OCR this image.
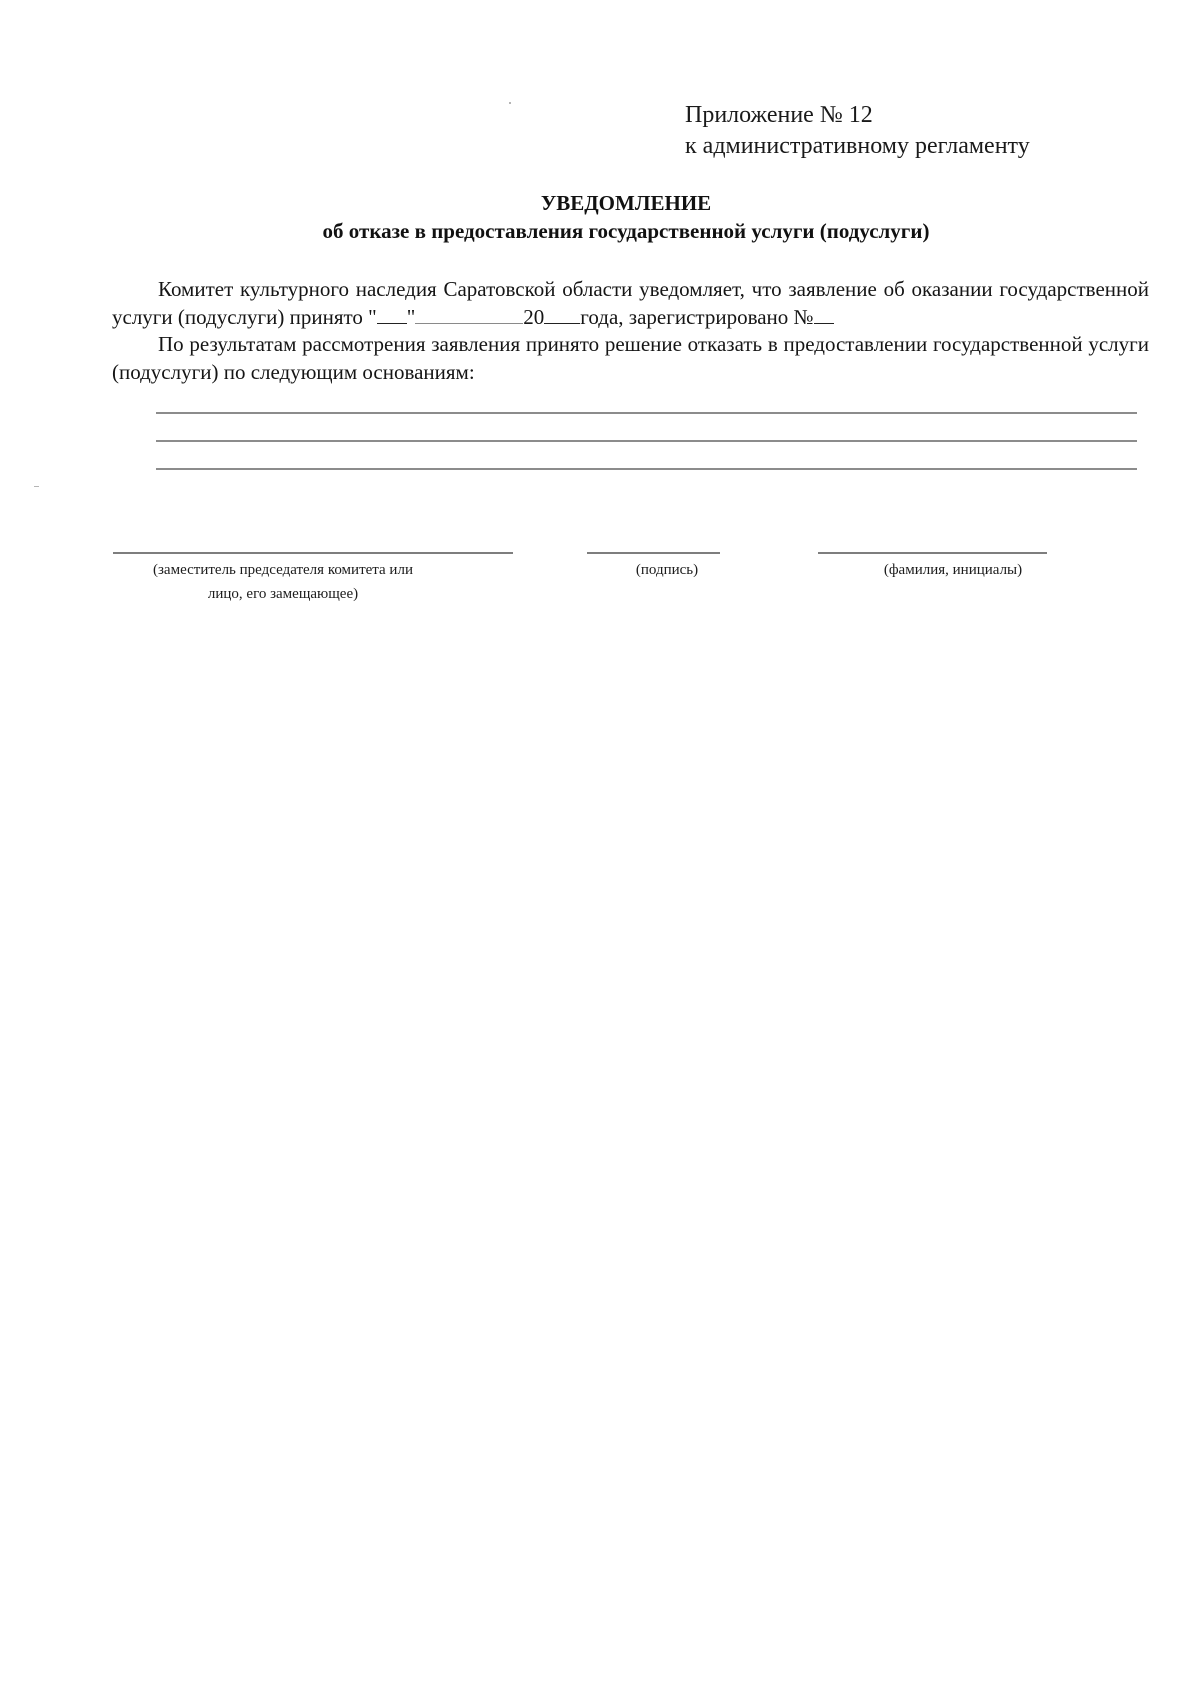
Приложение № 12
к административному регламенту
УВЕДОМЛЕНИЕ
об отказе в предоставления государственной услуги (подуслуги)

Комитет культурного наследия Саратовской области уведомляет, что заявление об оказании государственной услуги (подуслуги) принято " "	20 года, зарегистрировано №

По результатам рассмотрения заявления принято решение отказать в предоставлении государственной услуги (подуслуги) по следующим основаниям:

(заместитель председателя комитета или
лицо, его замещающее)
(подпись)	(фамилия, инициалы)
